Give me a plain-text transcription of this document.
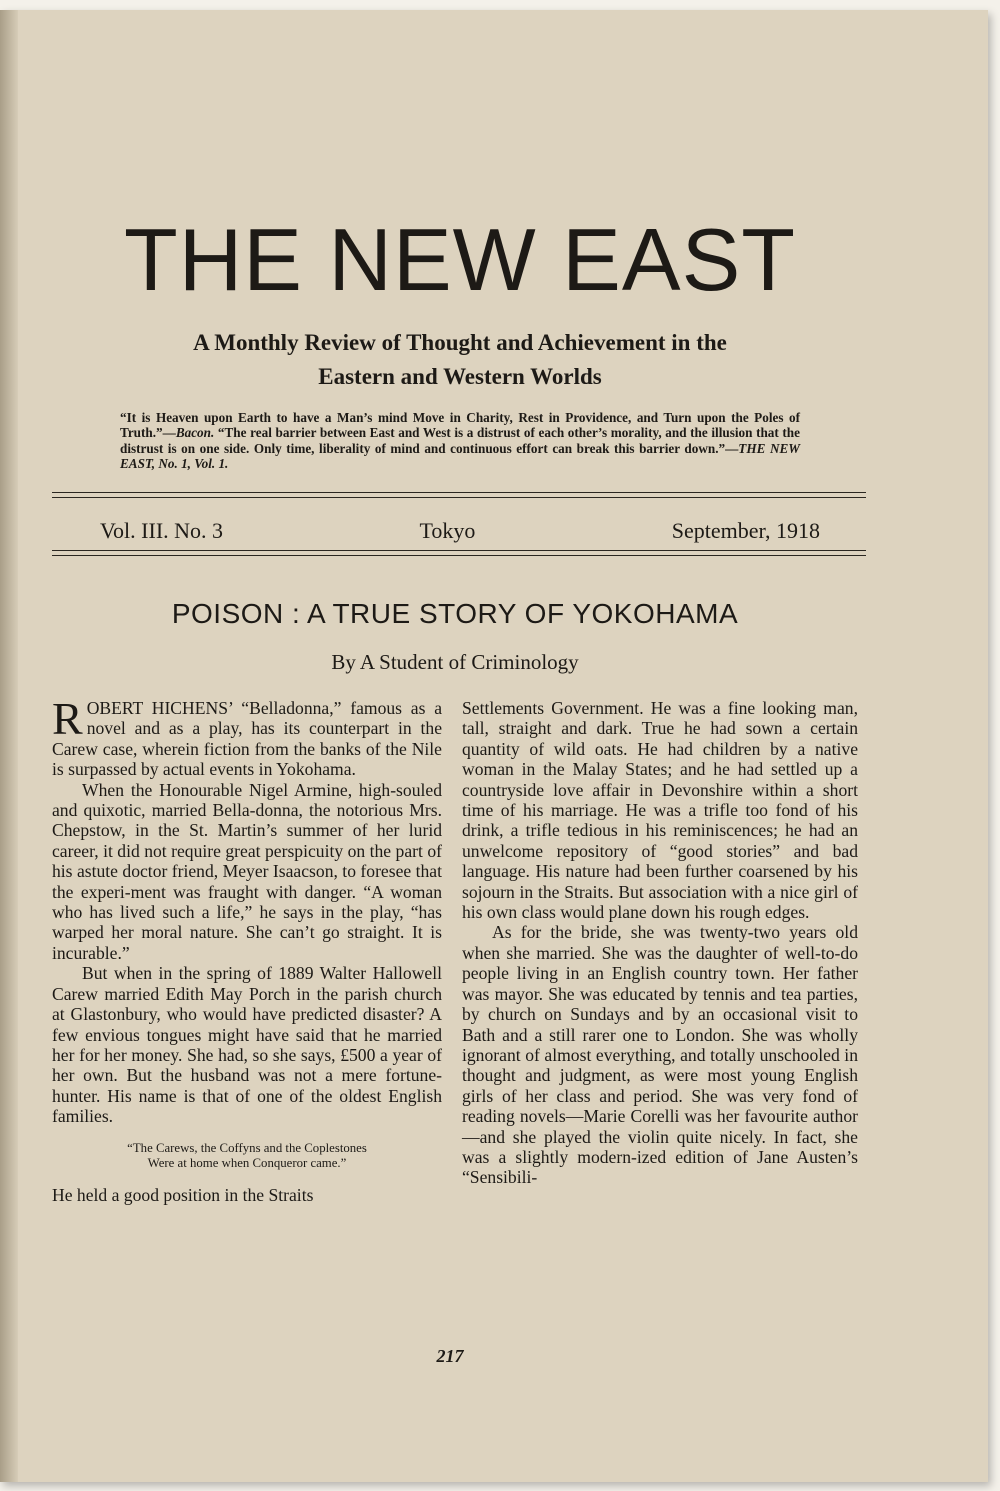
THE NEW EAST
A Monthly Review of Thought and Achievement in the
Eastern and Western Worlds
“It is Heaven upon Earth to have a Man’s mind Move in Charity, Rest in Providence, and Turn upon the Poles of Truth.”—Bacon. “The real barrier between East and West is a distrust of each other’s morality, and the illusion that the distrust is on one side. Only time, liberality of mind and continuous effort can break this barrier down.”—THE NEW EAST, No. 1, Vol. 1.
Vol. III. No. 3	Tokyo	September, 1918
POISON : A TRUE STORY OF YOKOHAMA
By A Student of Criminology

ROBERT HICHENS’ “Belladonna,” famous as a novel and as a play, has its counterpart in the Carew case, wherein fiction from the banks of the Nile is surpassed by actual events in Yokohama.

When the Honourable Nigel Armine, high-souled and quixotic, married Bella-donna, the notorious Mrs. Chepstow, in the St. Martin’s summer of her lurid career, it did not require great perspicuity on the part of his astute doctor friend, Meyer Isaacson, to foresee that the experi-ment was fraught with danger. “A woman who has lived such a life,” he says in the play, “has warped her moral nature. She can’t go straight. It is incurable.”

But when in the spring of 1889 Walter Hallowell Carew married Edith May Porch in the parish church at Glastonbury, who would have predicted disaster? A few envious tongues might have said that he married her for her money. She had, so she says, £500 a year of her own. But the husband was not a mere fortune-hunter. His name is that of one of the oldest English families.

“The Carews, the Coffyns and the Coplestones
Were at home when Conqueror came.”

He held a good position in the Straits

Settlements Government. He was a fine looking man, tall, straight and dark. True he had sown a certain quantity of wild oats. He had children by a native woman in the Malay States; and he had settled up a countryside love affair in Devonshire within a short time of his marriage. He was a trifle too fond of his drink, a trifle tedious in his reminiscences; he had an unwelcome repository of “good stories” and bad language. His nature had been further coarsened by his sojourn in the Straits. But association with a nice girl of his own class would plane down his rough edges.

As for the bride, she was twenty-two years old when she married. She was the daughter of well-to-do people living in an English country town. Her father was mayor. She was educated by tennis and tea parties, by church on Sundays and by an occasional visit to Bath and a still rarer one to London. She was wholly ignorant of almost everything, and totally unschooled in thought and judgment, as were most young English girls of her class and period. She was very fond of reading novels—Marie Corelli was her favourite author—and she played the violin quite nicely. In fact, she was a slightly modern-ized edition of Jane Austen’s “Sensibili-

217
